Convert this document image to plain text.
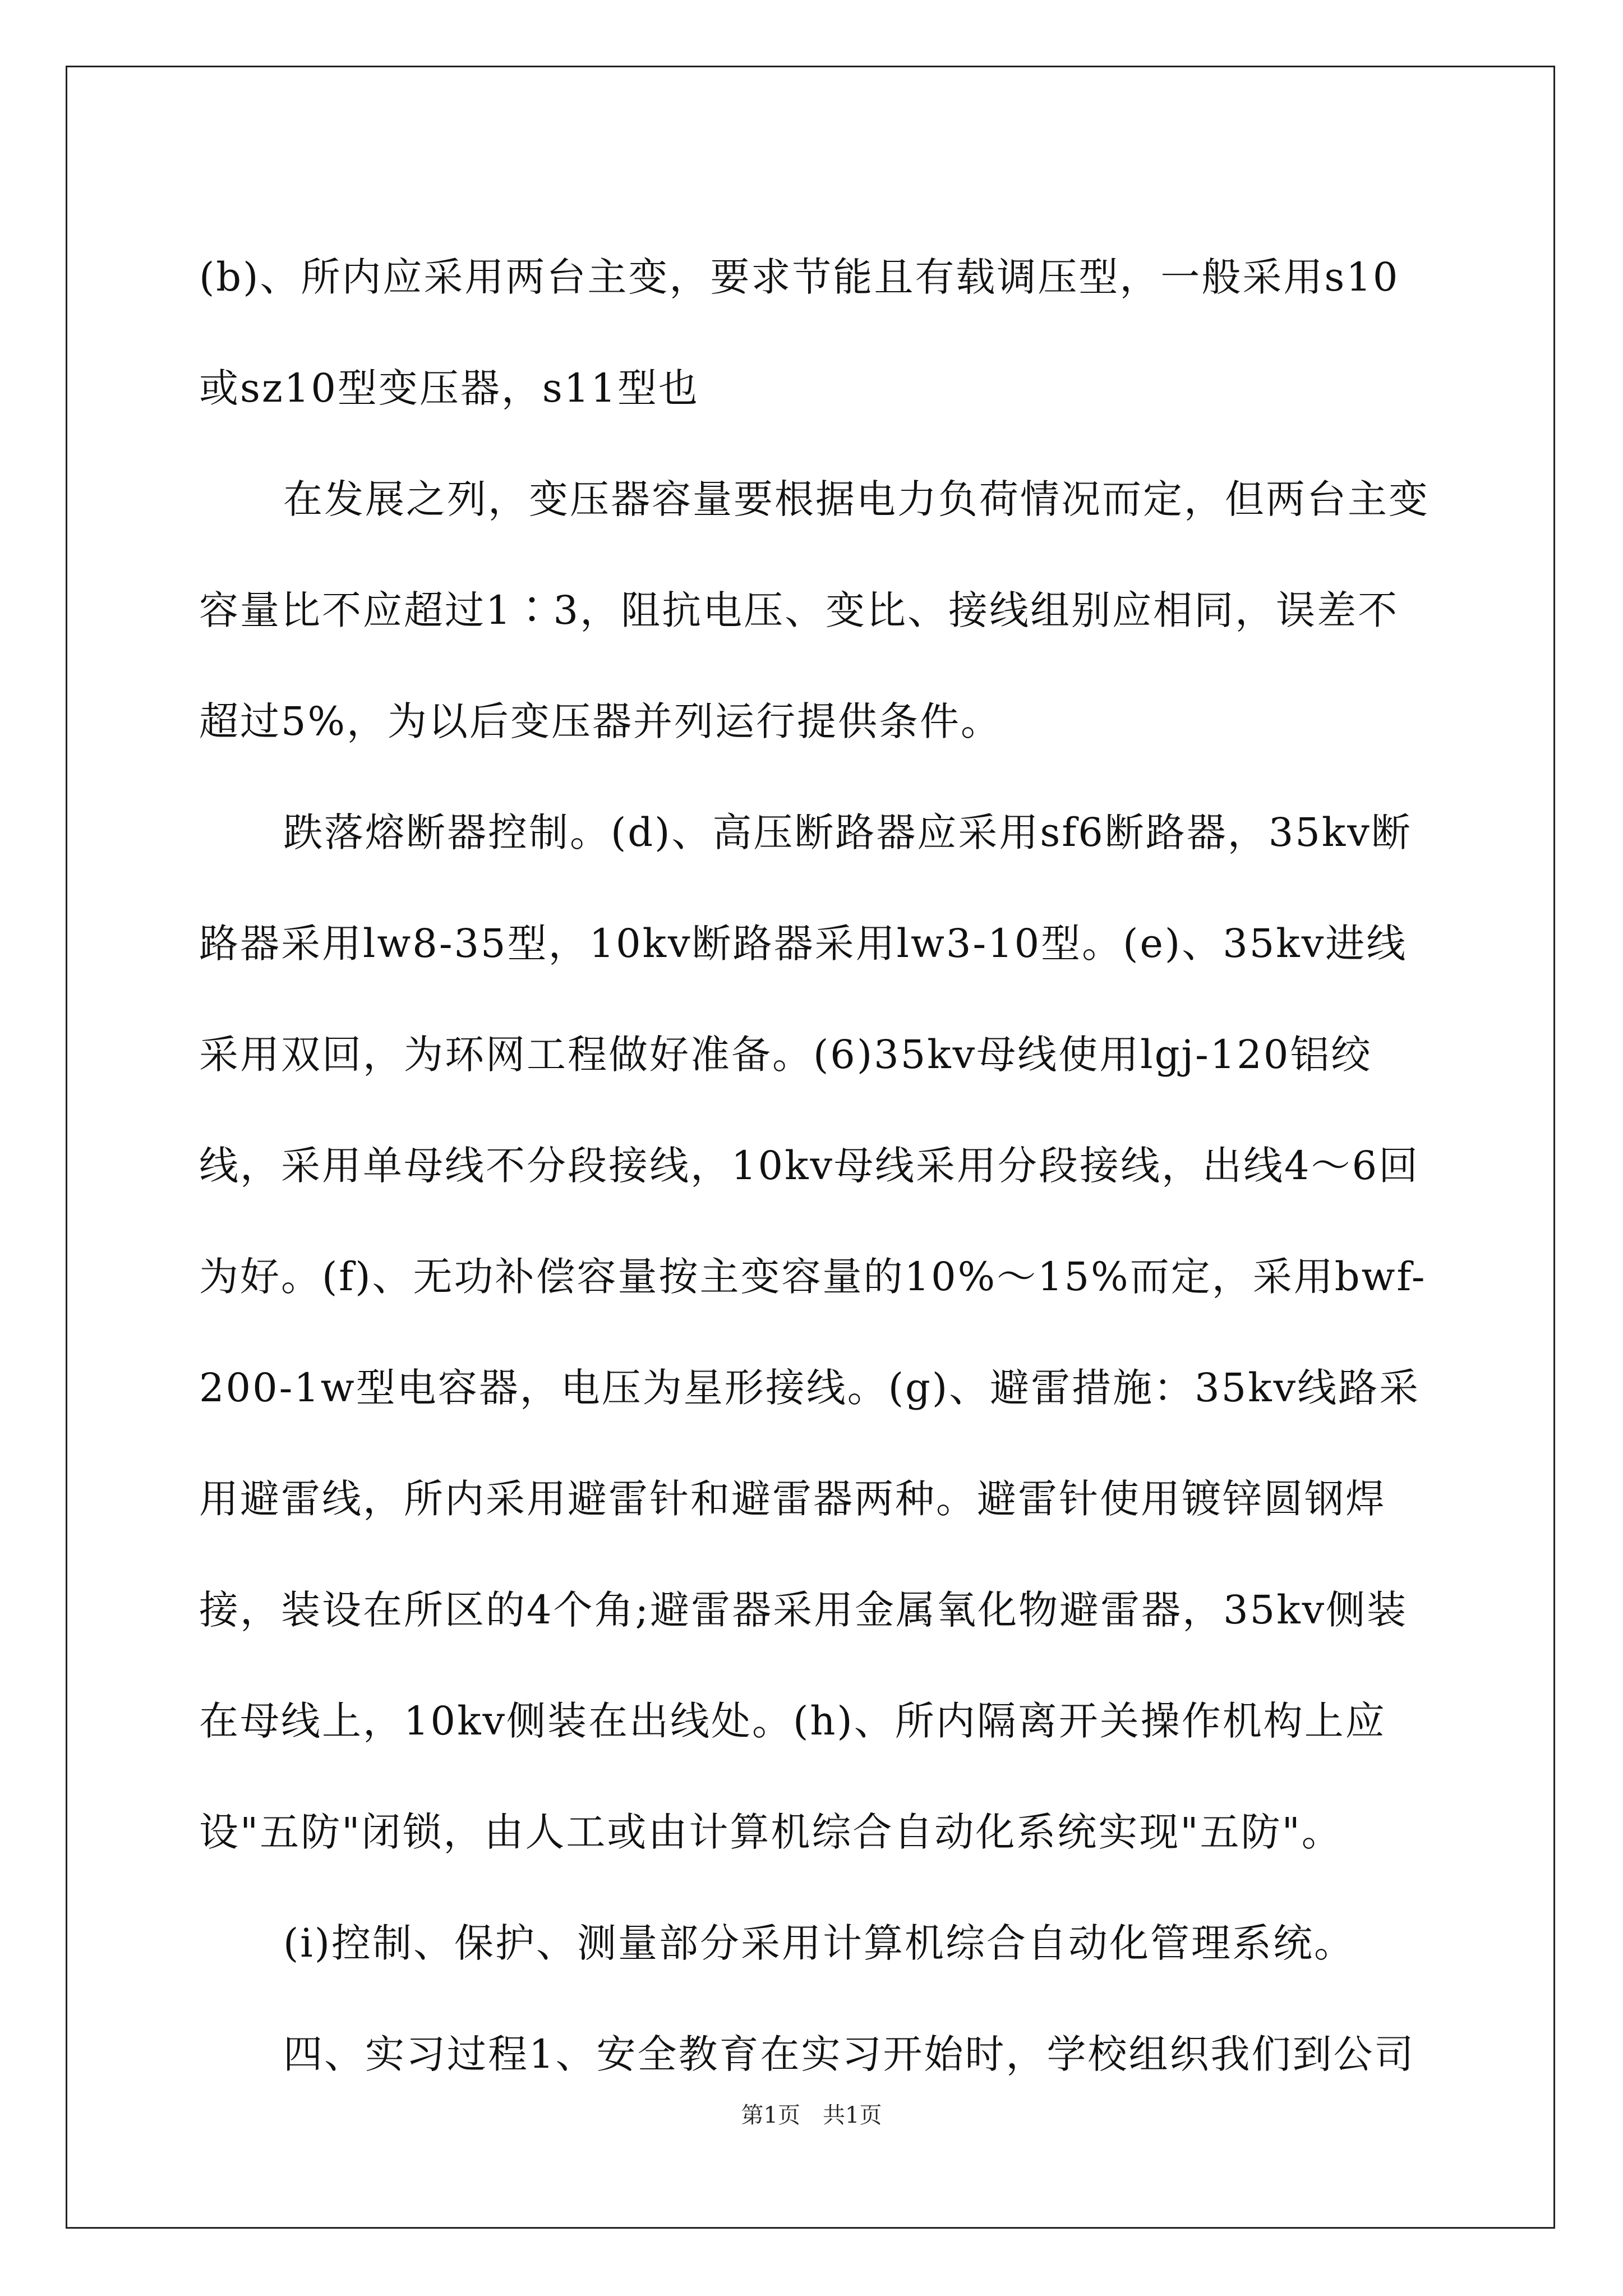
(b)、所内应采用两台主变，要求节能且有载调压型，一般采用s10或sz10型变压器，s11型也

在发展之列，变压器容量要根据电力负荷情况而定，但两台主变容量比不应超过1∶3，阻抗电压、变比、接线组别应相同，误差不超过5%，为以后变压器并列运行提供条件。

跌落熔断器控制。(d)、高压断路器应采用sf6断路器，35kv断路器采用lw8-35型，10kv断路器采用lw3-10型。(e)、35kv进线采用双回，为环网工程做好准备。(6)35kv母线使用lgj-120铝绞线，采用单母线不分段接线，10kv母线采用分段接线，出线4～6回为好。(f)、无功补偿容量按主变容量的10%～15%而定，采用bwf-200-1w型电容器，电压为星形接线。(g)、避雷措施：35kv线路采用避雷线，所内采用避雷针和避雷器两种。避雷针使用镀锌圆钢焊接，装设在所区的4个角;避雷器采用金属氧化物避雷器，35kv侧装在母线上，10kv侧装在出线处。(h)、所内隔离开关操作机构上应设"五防"闭锁，由人工或由计算机综合自动化系统实现"五防"。

(i)控制、保护、测量部分采用计算机综合自动化管理系统。

四、实习过程1、安全教育在实习开始时，学校组织我们到公司

第1页　共1页
